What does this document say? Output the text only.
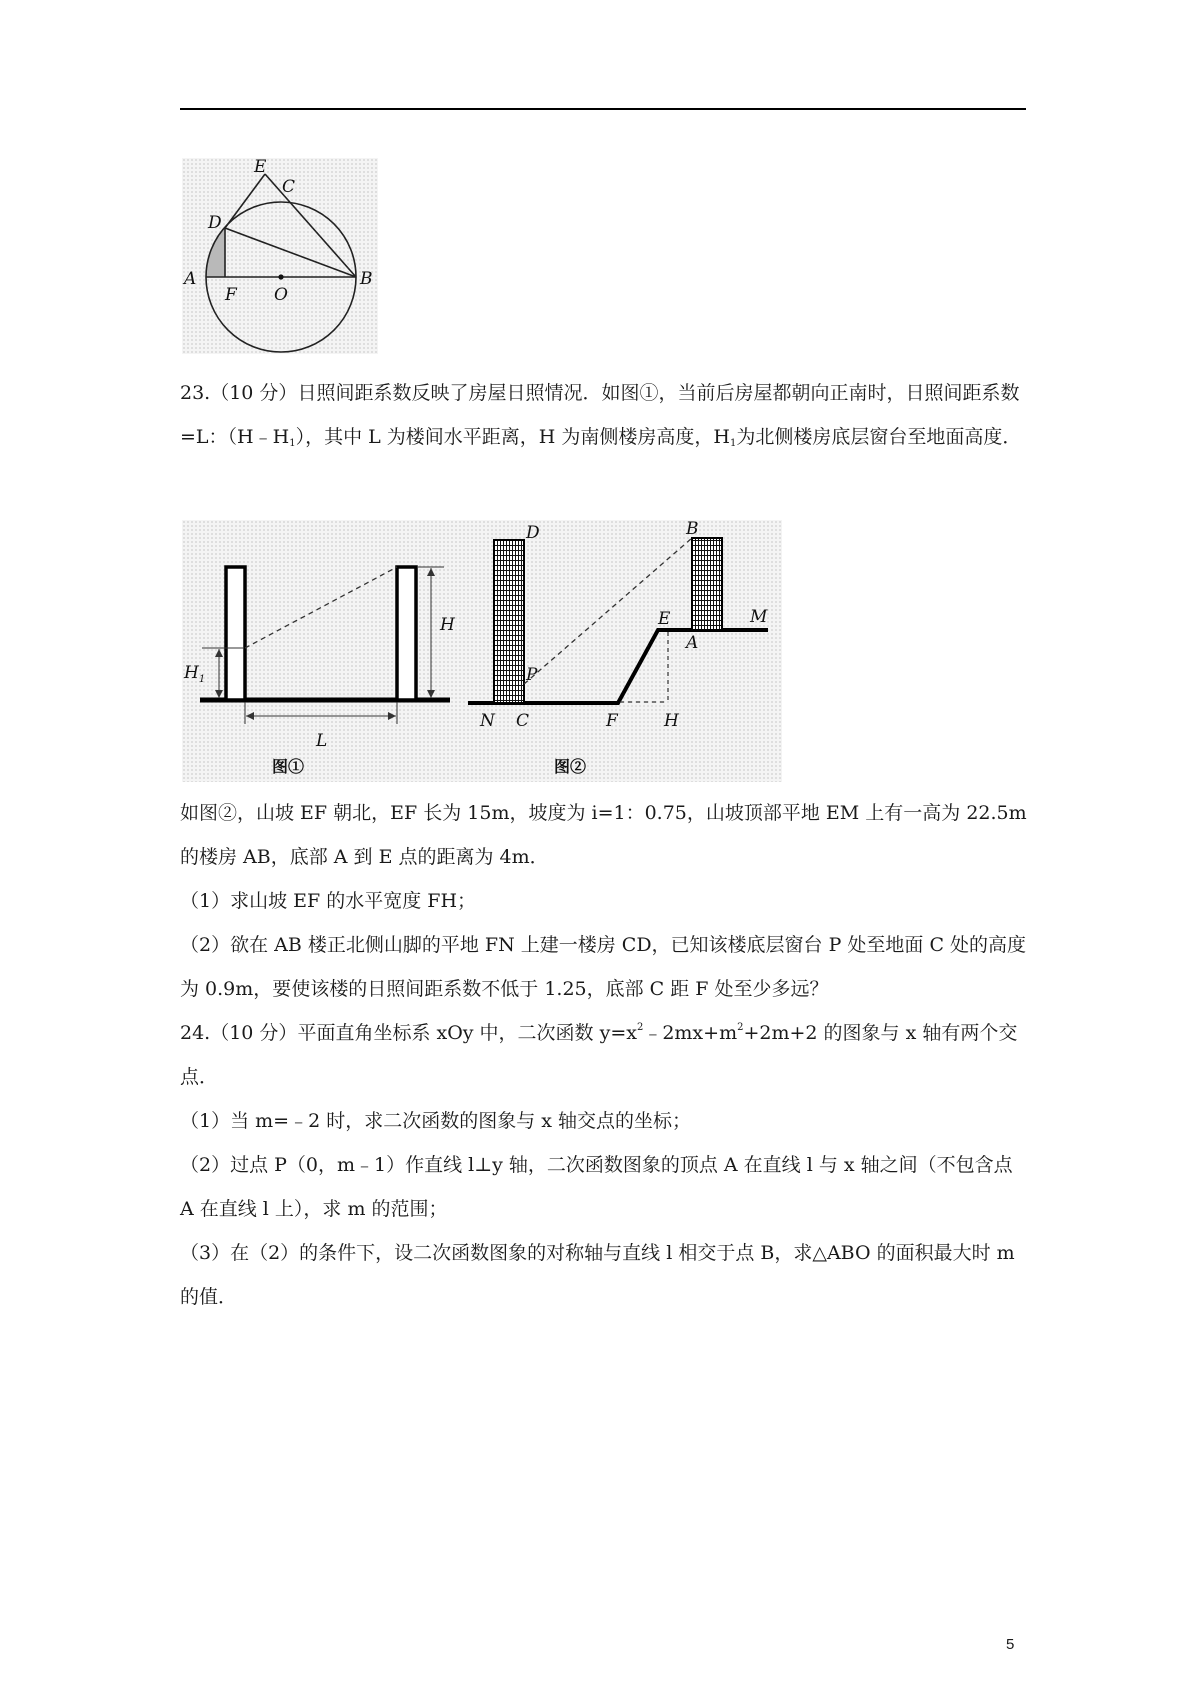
E
C
D
A
F O
B

23.（10 分）日照间距系数反映了房屋日照情况．如图①，当前后房屋都朝向正南时，日照间距系数=L：$(H﹣H_1)$，其中 L 为楼间水平距离，H 为南侧楼房高度，$H_1$为北侧楼房底层窗台至地面高度．

H
$H_1$
L
图①
D	B
E	M
A
P
N C	F	H
图②

如图②，山坡 EF 朝北，EF 长为 15m，坡度为 i=1：0.75，山坡顶部平地 EM 上有一高为 22.5m 的楼房 AB，底部 A 到 E 点的距离为 4m．

（1）求山坡 EF 的水平宽度 FH；

（2）欲在 AB 楼正北侧山脚的平地 FN 上建一楼房 CD，已知该楼底层窗台 P 处至地面 C 处的高度为 0.9m，要使该楼的日照间距系数不低于 1.25，底部 C 距 F 处至少多远？

24.（10 分）平面直角坐标系 xOy 中，二次函数 $y=x^2﹣2mx+m^2+2m+2$ 的图象与 x 轴有两个交点．

（1）当 m=﹣2 时，求二次函数的图象与 x 轴交点的坐标；

（2）过点 P（0，m﹣1）作直线 l⊥y 轴，二次函数图象的顶点 A 在直线 l 与 x 轴之间（不包含点 A 在直线 l 上），求 m 的范围；

（3）在（2）的条件下，设二次函数图象的对称轴与直线 l 相交于点 B，求△ABO 的面积最大时 m 的值．

5
